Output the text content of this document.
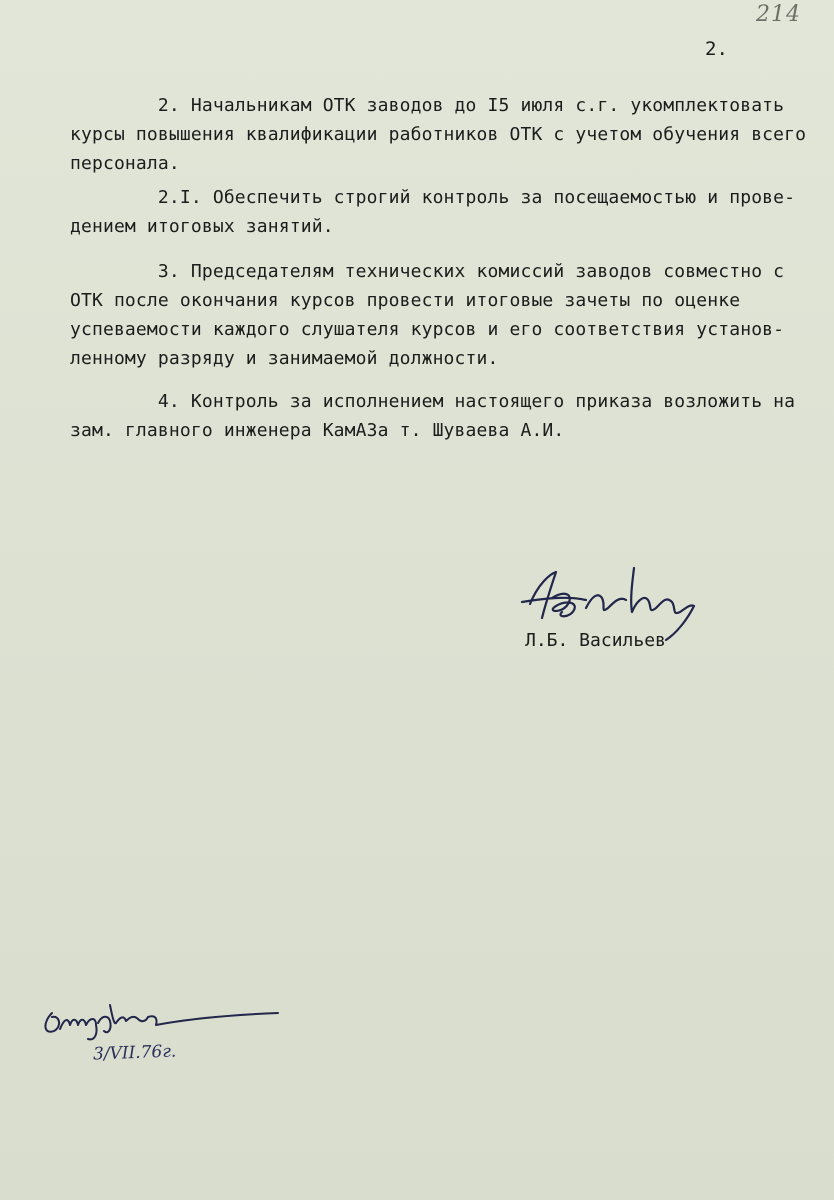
214
2.
2. Начальникам ОТК заводов до I5 июля с.г. укомплектовать
курсы повышения квалификации работников ОТК с учетом обучения всего
персонала.
2.I. Обеспечить строгий контроль за посещаемостью и прове-
дением итоговых занятий.
3. Председателям технических комиссий заводов совместно с
ОТК после окончания курсов провести итоговые зачеты по оценке
успеваемости каждого слушателя курсов и его соответствия установ-
ленному разряду и занимаемой должности.
4. Контроль за исполнением настоящего приказа возложить на
зам. главного инженера КамАЗа т. Шуваева А.И.
Л.Б. Васильев
3/VII.76г.
